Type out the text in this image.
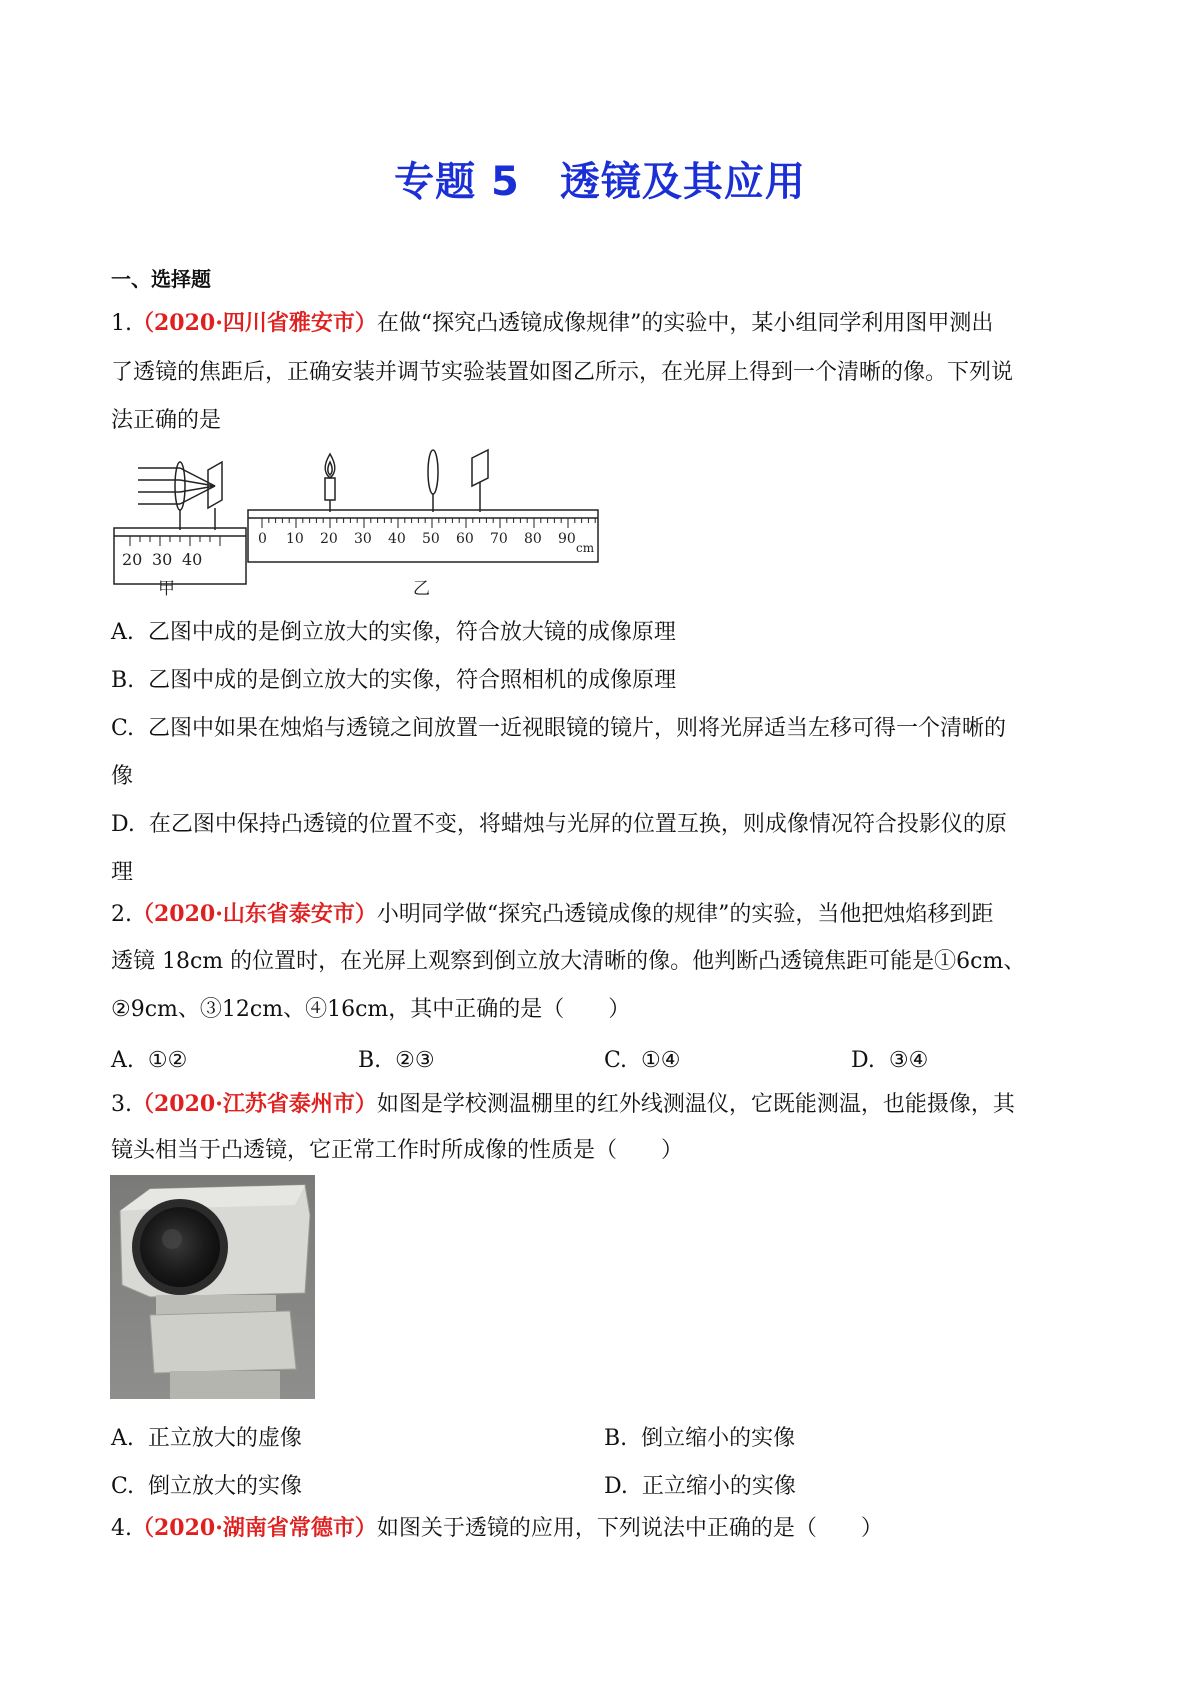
专题 5 透镜及其应用
一、选择题
1.（2020·四川省雅安市）在做“探究凸透镜成像规律”的实验中，某小组同学利用图甲测出
了透镜的焦距后，正确安装并调节实验装置如图乙所示，在光屏上得到一个清晰的像。下列说
法正确的是
20 30 40
甲
0 10 20 30 40 50 60 70 80 90
cm
乙
A. 乙图中成的是倒立放大的实像，符合放大镜的成像原理
B. 乙图中成的是倒立放大的实像，符合照相机的成像原理
C. 乙图中如果在烛焰与透镜之间放置一近视眼镜的镜片，则将光屏适当左移可得一个清晰的
像
D. 在乙图中保持凸透镜的位置不变，将蜡烛与光屏的位置互换，则成像情况符合投影仪的原
理
2.（2020·山东省泰安市）小明同学做“探究凸透镜成像的规律”的实验，当他把烛焰移到距
透镜 18cm 的位置时，在光屏上观察到倒立放大清晰的像。他判断凸透镜焦距可能是①6cm、
②9cm、③12cm、④16cm，其中正确的是（　　）
A. ①②	B. ②③	C. ①④	D. ③④
3.（2020·江苏省泰州市）如图是学校测温棚里的红外线测温仪，它既能测温，也能摄像，其
镜头相当于凸透镜，它正常工作时所成像的性质是（　　）
A. 正立放大的虚像	B. 倒立缩小的实像
C. 倒立放大的实像	D. 正立缩小的实像
4.（2020·湖南省常德市）如图关于透镜的应用，下列说法中正确的是（　　）
